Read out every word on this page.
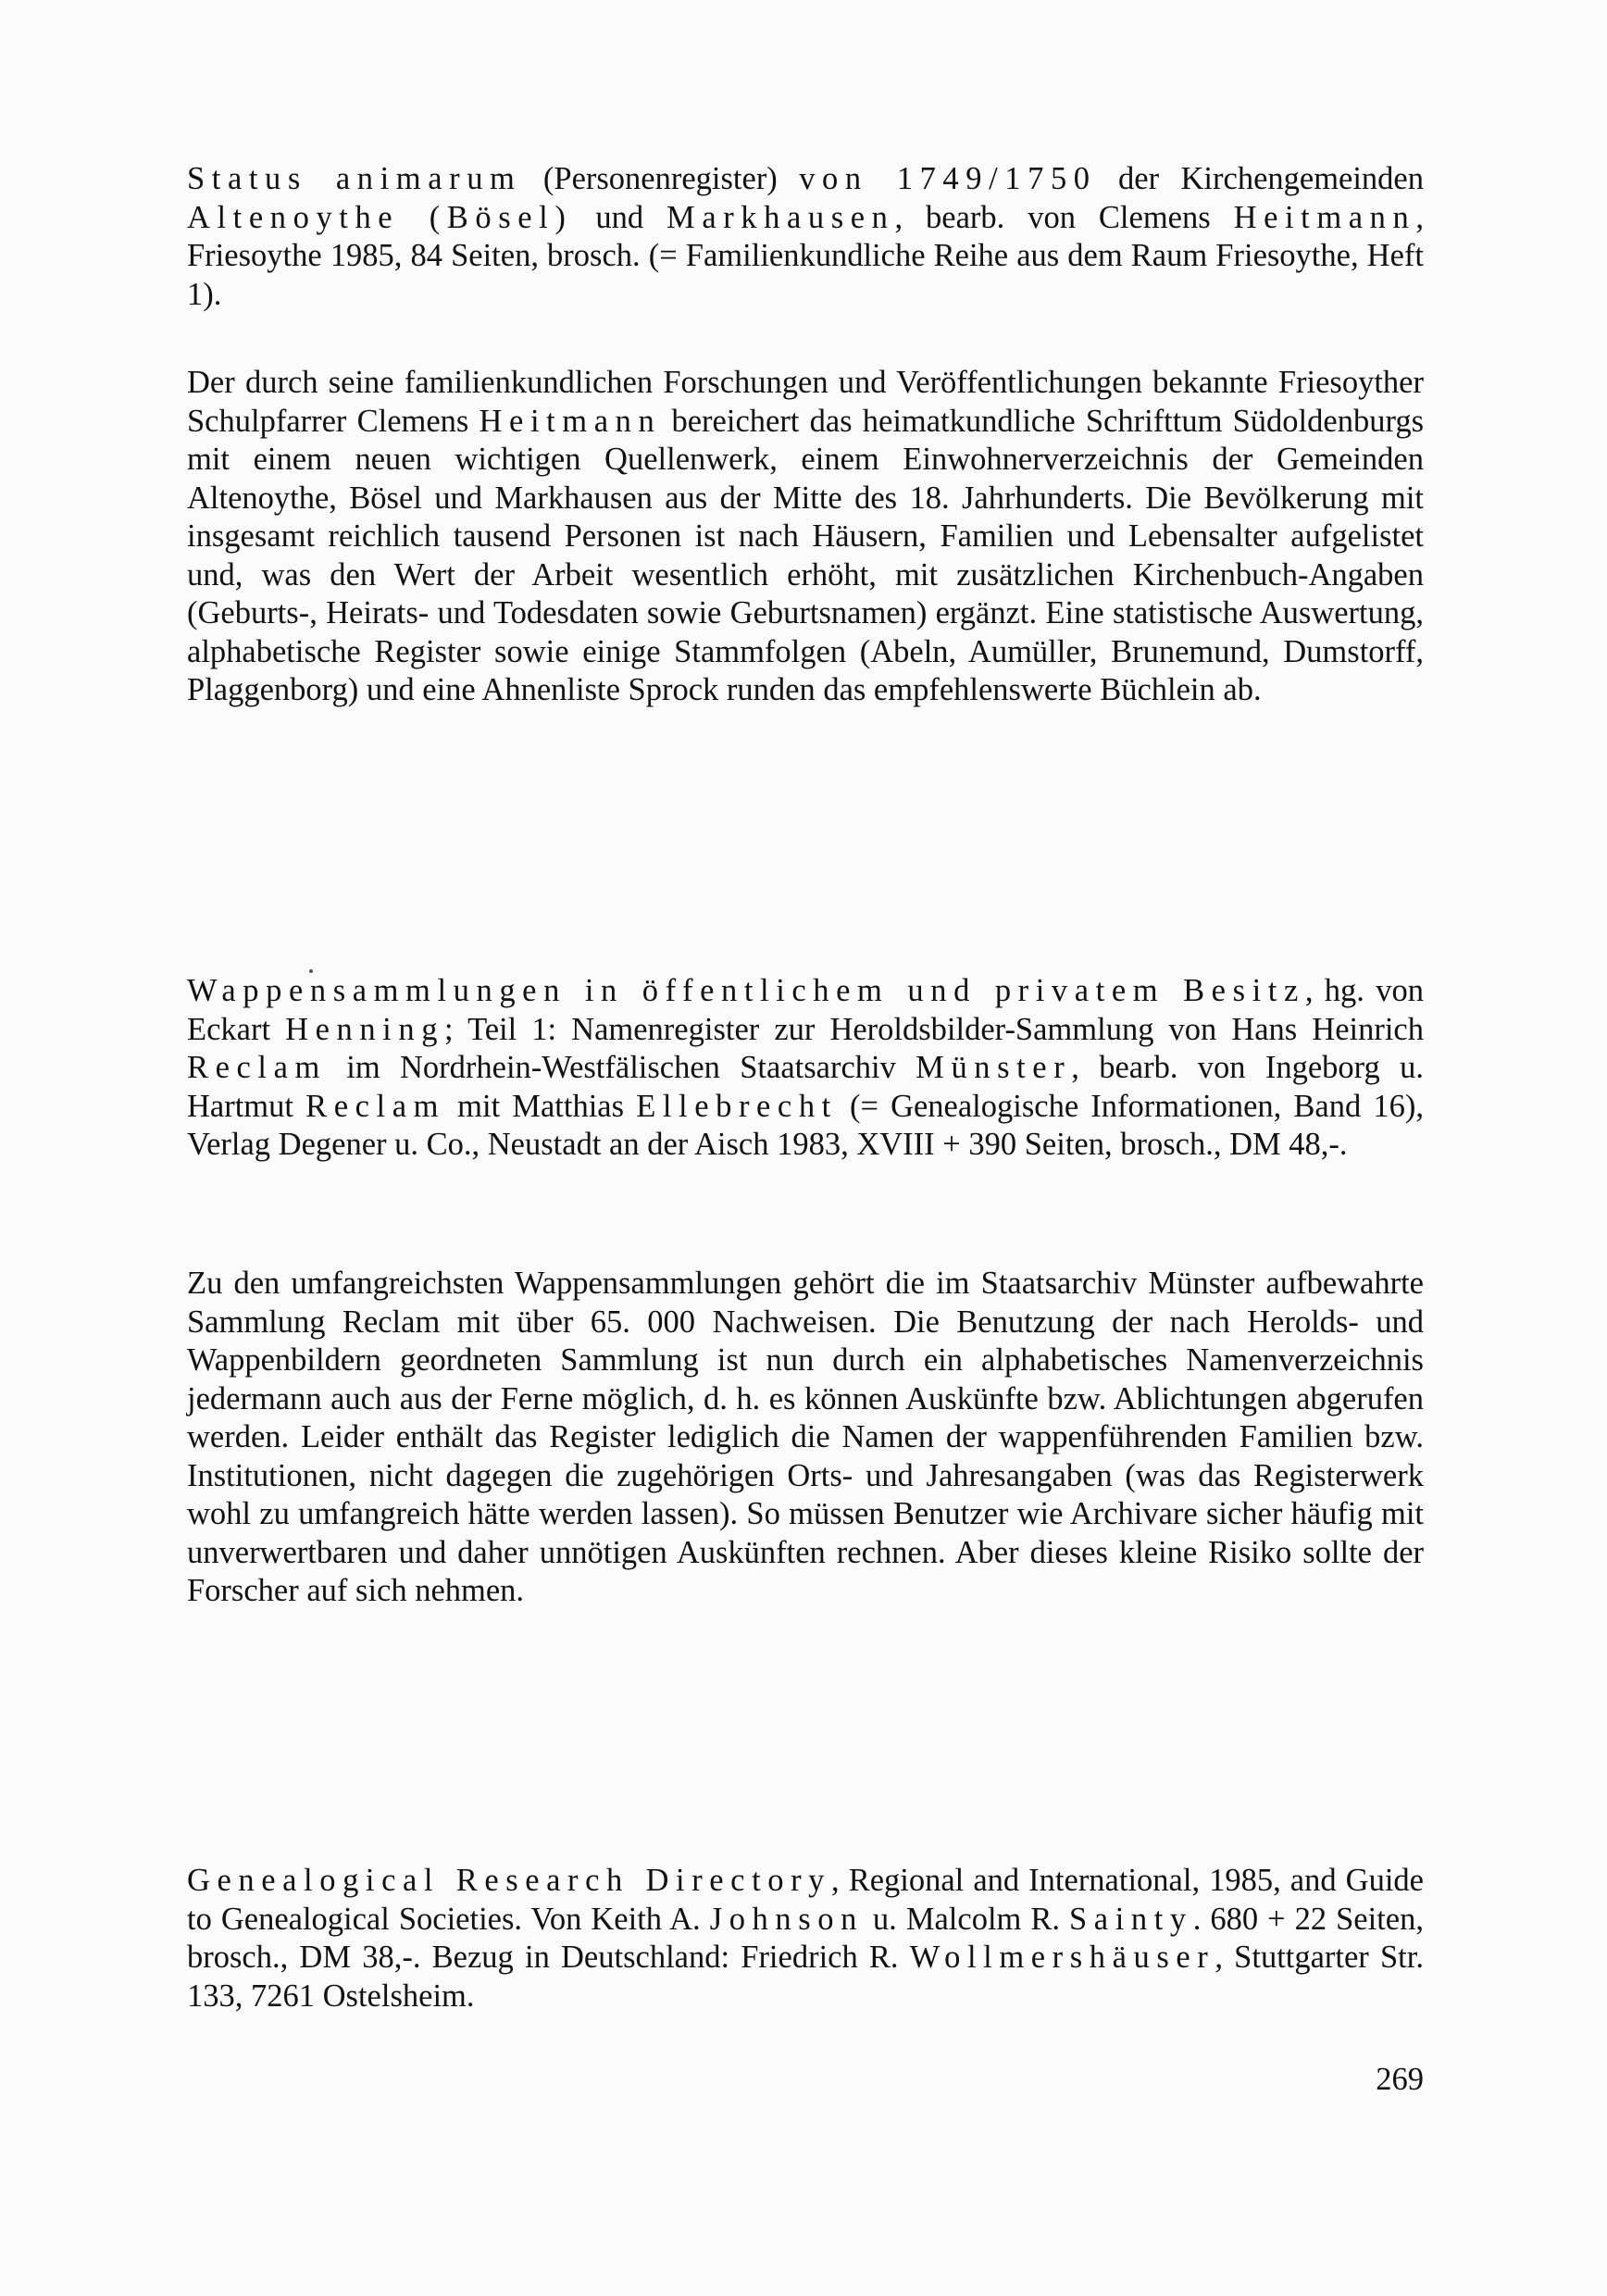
Status animarum (Personenregister) von 1749/1750 der Kirchengemeinden Altenoythe (Bösel) und Markhausen, bearb. von Clemens Heitmann, Friesoythe 1985, 84 Seiten, brosch. (= Familienkundliche Reihe aus dem Raum Friesoythe, Heft 1).

Der durch seine familienkundlichen Forschungen und Veröffentlichungen bekannte Friesoyther Schulpfarrer Clemens Heitmann bereichert das heimatkundliche Schrifttum Südoldenburgs mit einem neuen wichtigen Quellenwerk, einem Einwohnerverzeichnis der Gemeinden Altenoythe, Bösel und Markhausen aus der Mitte des 18. Jahrhunderts. Die Bevölkerung mit insgesamt reichlich tausend Personen ist nach Häusern, Familien und Lebensalter aufgelistet und, was den Wert der Arbeit wesentlich erhöht, mit zusätzlichen Kirchenbuch-Angaben (Geburts-, Heirats- und Todesdaten sowie Geburtsnamen) ergänzt. Eine statistische Auswertung, alphabetische Register sowie einige Stammfolgen (Abeln, Aumüller, Brunemund, Dumstorff, Plaggenborg) und eine Ahnenliste Sprock runden das empfehlenswerte Büchlein ab.

Wappensammlungen in öffentlichem und privatem Besitz, hg. von Eckart Henning; Teil 1: Namenregister zur Heroldsbilder-Sammlung von Hans Heinrich Reclam im Nordrhein-Westfälischen Staatsarchiv Münster, bearb. von Ingeborg u. Hartmut Reclam mit Matthias Ellebrecht (= Genealogische Informationen, Band 16), Verlag Degener u. Co., Neustadt an der Aisch 1983, XVIII + 390 Seiten, brosch., DM 48,-.

Zu den umfangreichsten Wappensammlungen gehört die im Staatsarchiv Münster aufbewahrte Sammlung Reclam mit über 65. 000 Nachweisen. Die Benutzung der nach Herolds- und Wappenbildern geordneten Sammlung ist nun durch ein alphabetisches Namenverzeichnis jedermann auch aus der Ferne möglich, d. h. es können Auskünfte bzw. Ablichtungen abgerufen werden. Leider enthält das Register lediglich die Namen der wappenführenden Familien bzw. Institutionen, nicht dagegen die zugehörigen Orts- und Jahresangaben (was das Registerwerk wohl zu umfangreich hätte werden lassen). So müssen Benutzer wie Archivare sicher häufig mit unverwertbaren und daher unnötigen Auskünften rechnen. Aber dieses kleine Risiko sollte der Forscher auf sich nehmen.

Genealogical Research Directory, Regional and International, 1985, and Guide to Genealogical Societies. Von Keith A. Johnson u. Malcolm R. Sainty. 680 + 22 Seiten, brosch., DM 38,-. Bezug in Deutschland: Friedrich R. Wollmershäuser, Stuttgarter Str. 133, 7261 Ostelsheim.

269
